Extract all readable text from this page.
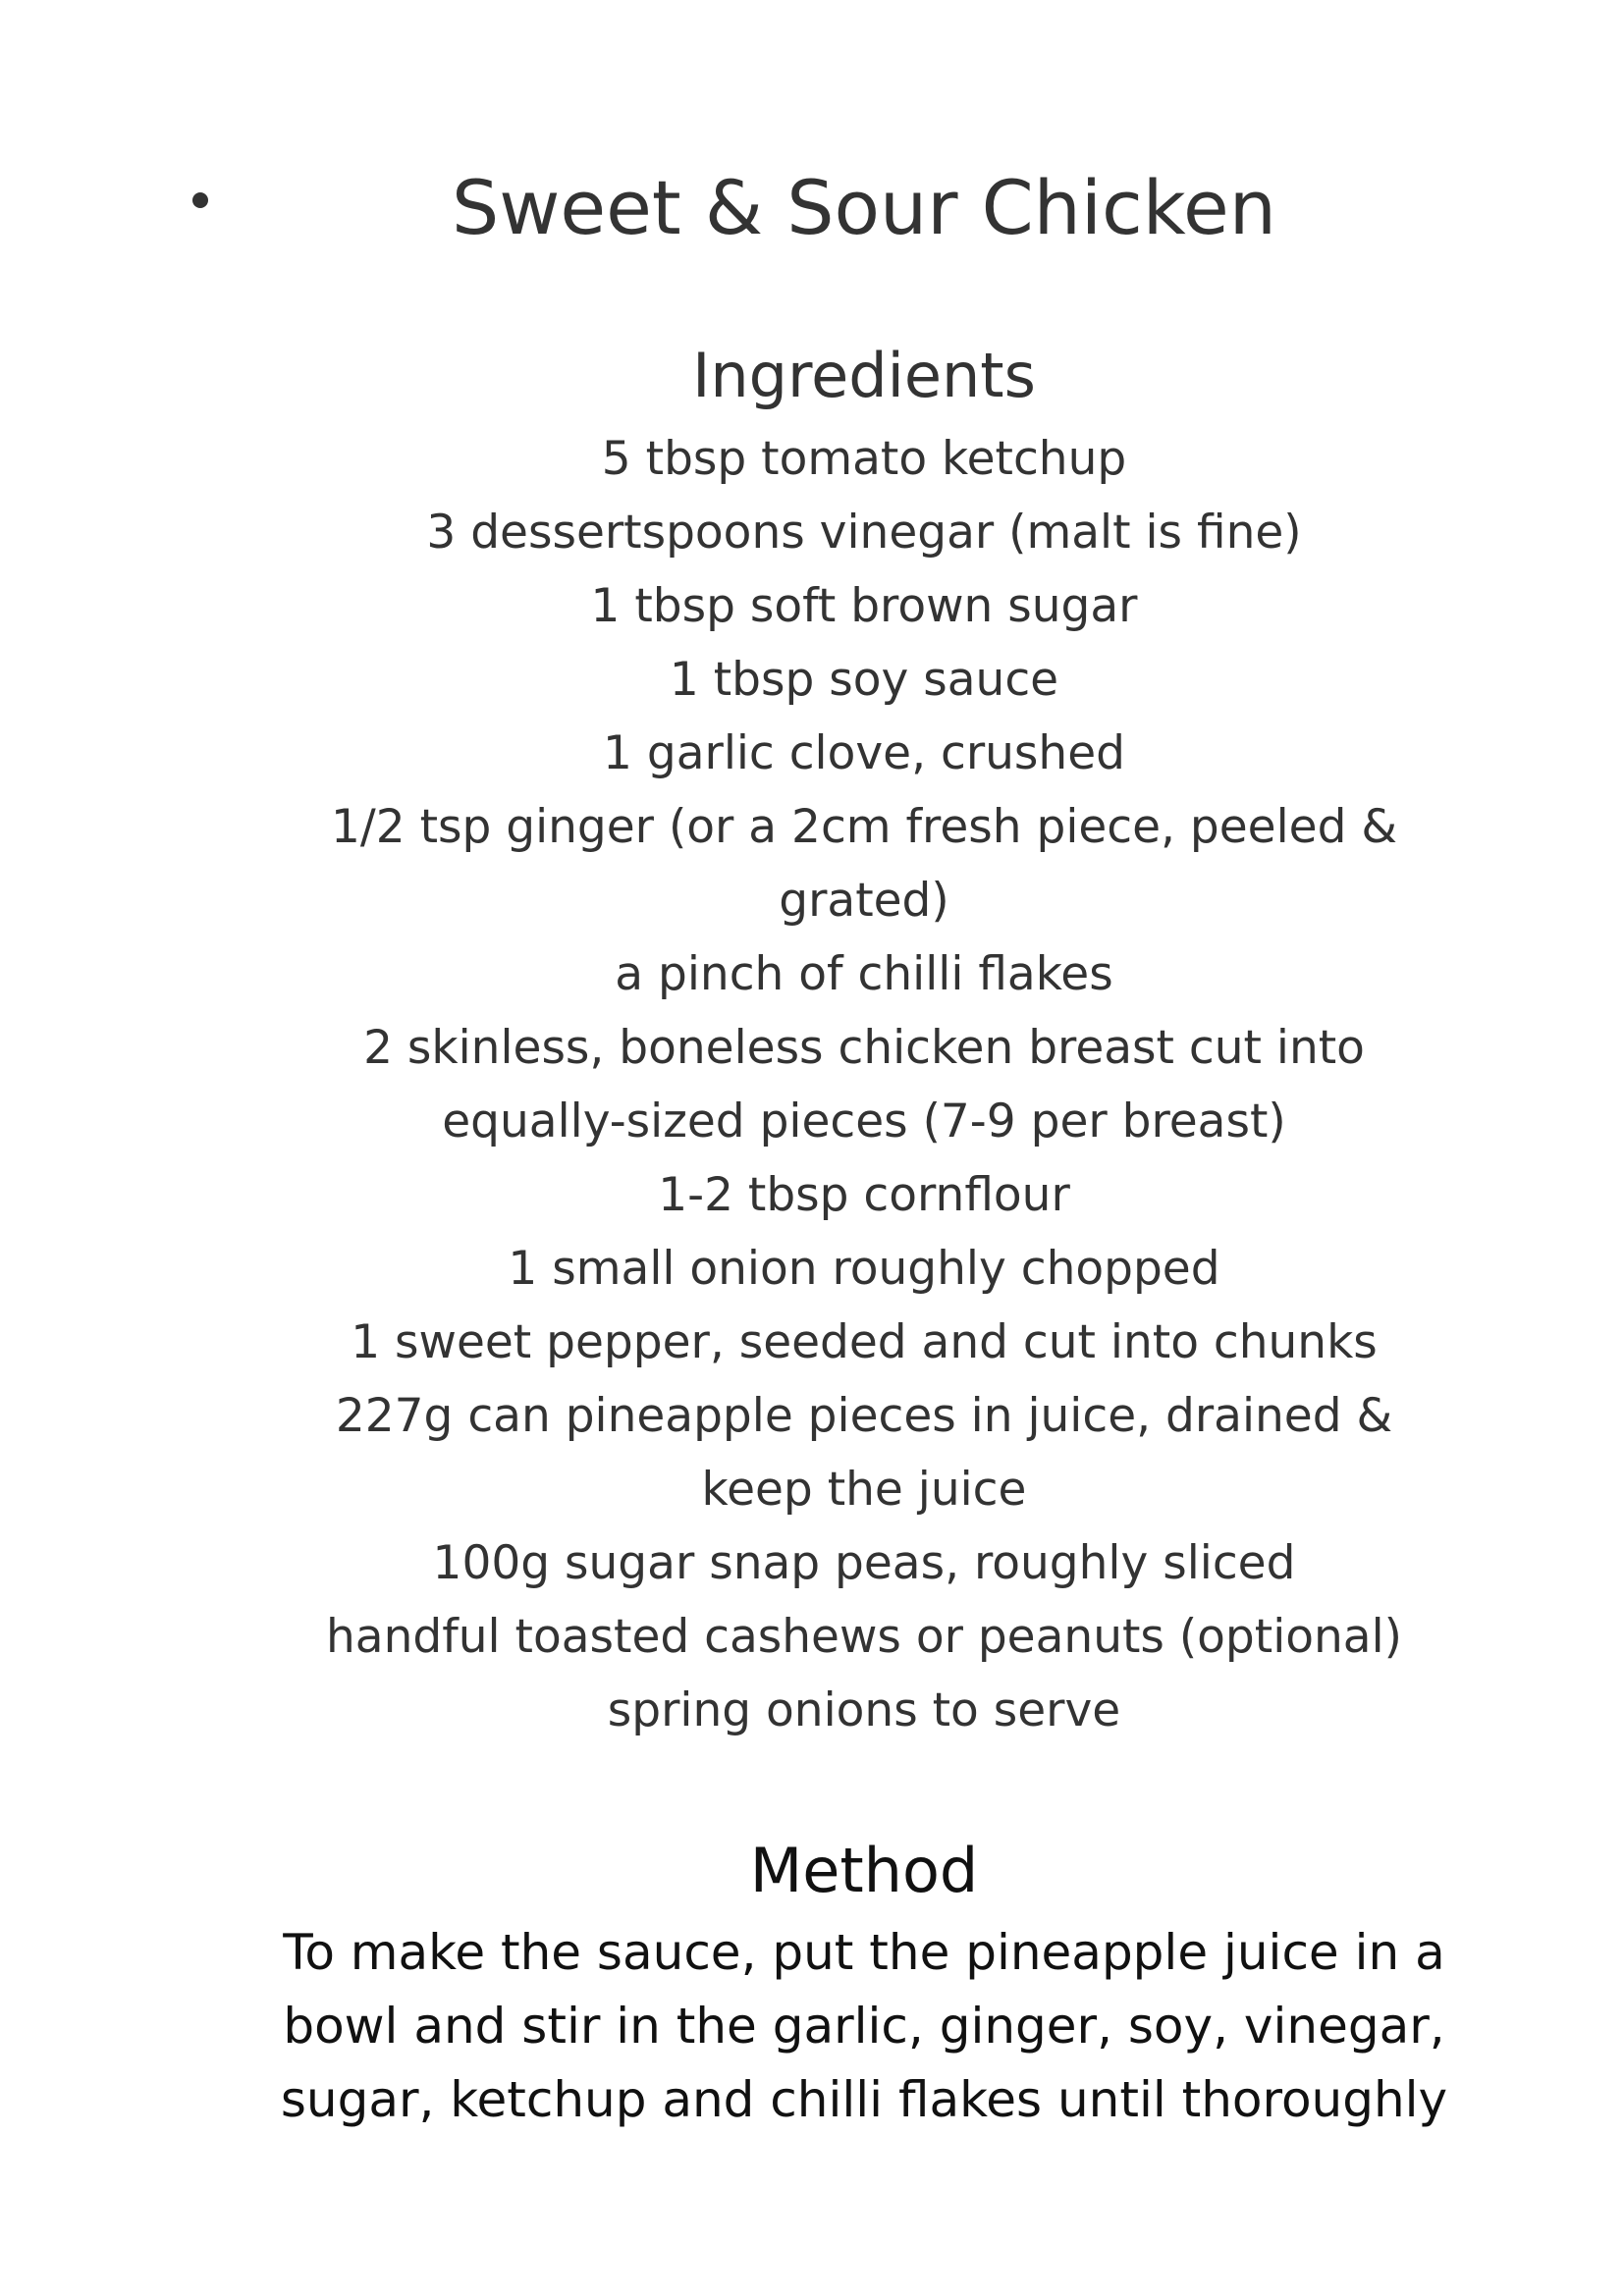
Sweet & Sour Chicken
Ingredients
5 tbsp tomato ketchup
3 dessertspoons vinegar (malt is fine)
1 tbsp soft brown sugar
1 tbsp soy sauce
1 garlic clove, crushed
1/2 tsp ginger (or a 2cm fresh piece, peeled &
grated)
a pinch of chilli flakes
2 skinless, boneless chicken breast cut into
equally-sized pieces (7-9 per breast)
1-2 tbsp cornflour
1 small onion roughly chopped
1 sweet pepper, seeded and cut into chunks
227g can pineapple pieces in juice, drained &
keep the juice
100g sugar snap peas, roughly sliced
handful toasted cashews or peanuts (optional)
spring onions to serve
Method

To make the sauce, put the pineapple juice in a
bowl and stir in the garlic, ginger, soy, vinegar,
sugar, ketchup and chilli flakes until thoroughly
